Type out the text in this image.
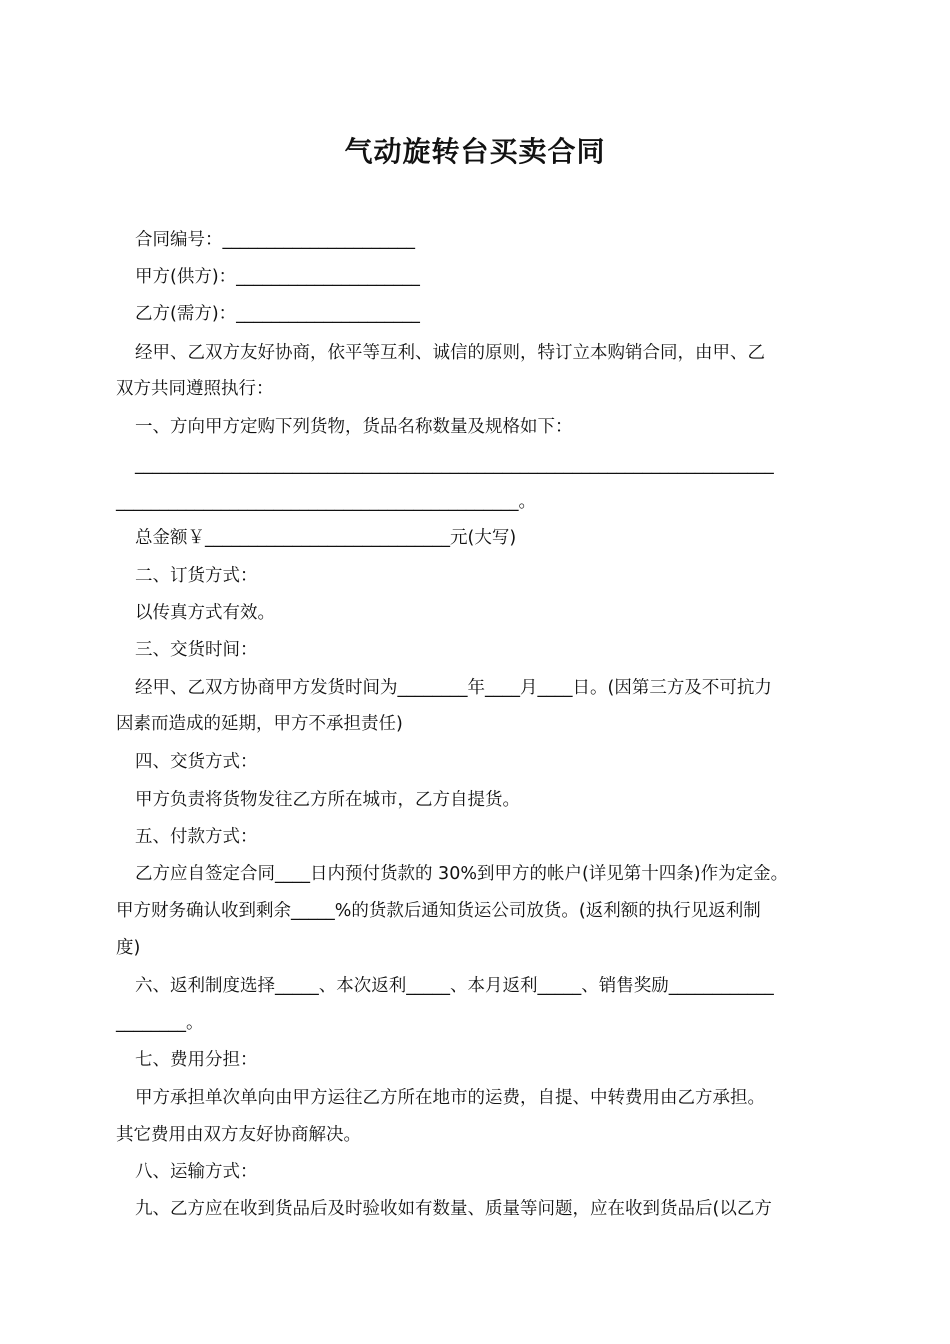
气动旋转台买卖合同
合同编号：______________________
甲方(供方)：_____________________
乙方(需方)：_____________________
经甲、乙双方友好协商，依平等互利、诚信的原则，特订立本购销合同，由甲、乙
双方共同遵照执行：
一、方向甲方定购下列货物，货品名称数量及规格如下：
_________________________________________________________________________
______________________________________________。
总金额￥____________________________元(大写)
二、订货方式：
以传真方式有效。
三、交货时间：
经甲、乙双方协商甲方发货时间为________年____月____日。(因第三方及不可抗力
因素而造成的延期，甲方不承担责任)
四、交货方式：
甲方负责将货物发往乙方所在城市，乙方自提货。
五、付款方式：
乙方应自签定合同____日内预付货款的 30%到甲方的帐户(详见第十四条)作为定金。
甲方财务确认收到剩余_____%的货款后通知货运公司放货。(返利额的执行见返利制
度)
六、返利制度选择_____、本次返利_____、本月返利_____、销售奖励____________
________。
七、费用分担：
甲方承担单次单向由甲方运往乙方所在地市的运费，自提、中转费用由乙方承担。
其它费用由双方友好协商解决。
八、运输方式：
九、乙方应在收到货品后及时验收如有数量、质量等问题，应在收到货品后(以乙方
